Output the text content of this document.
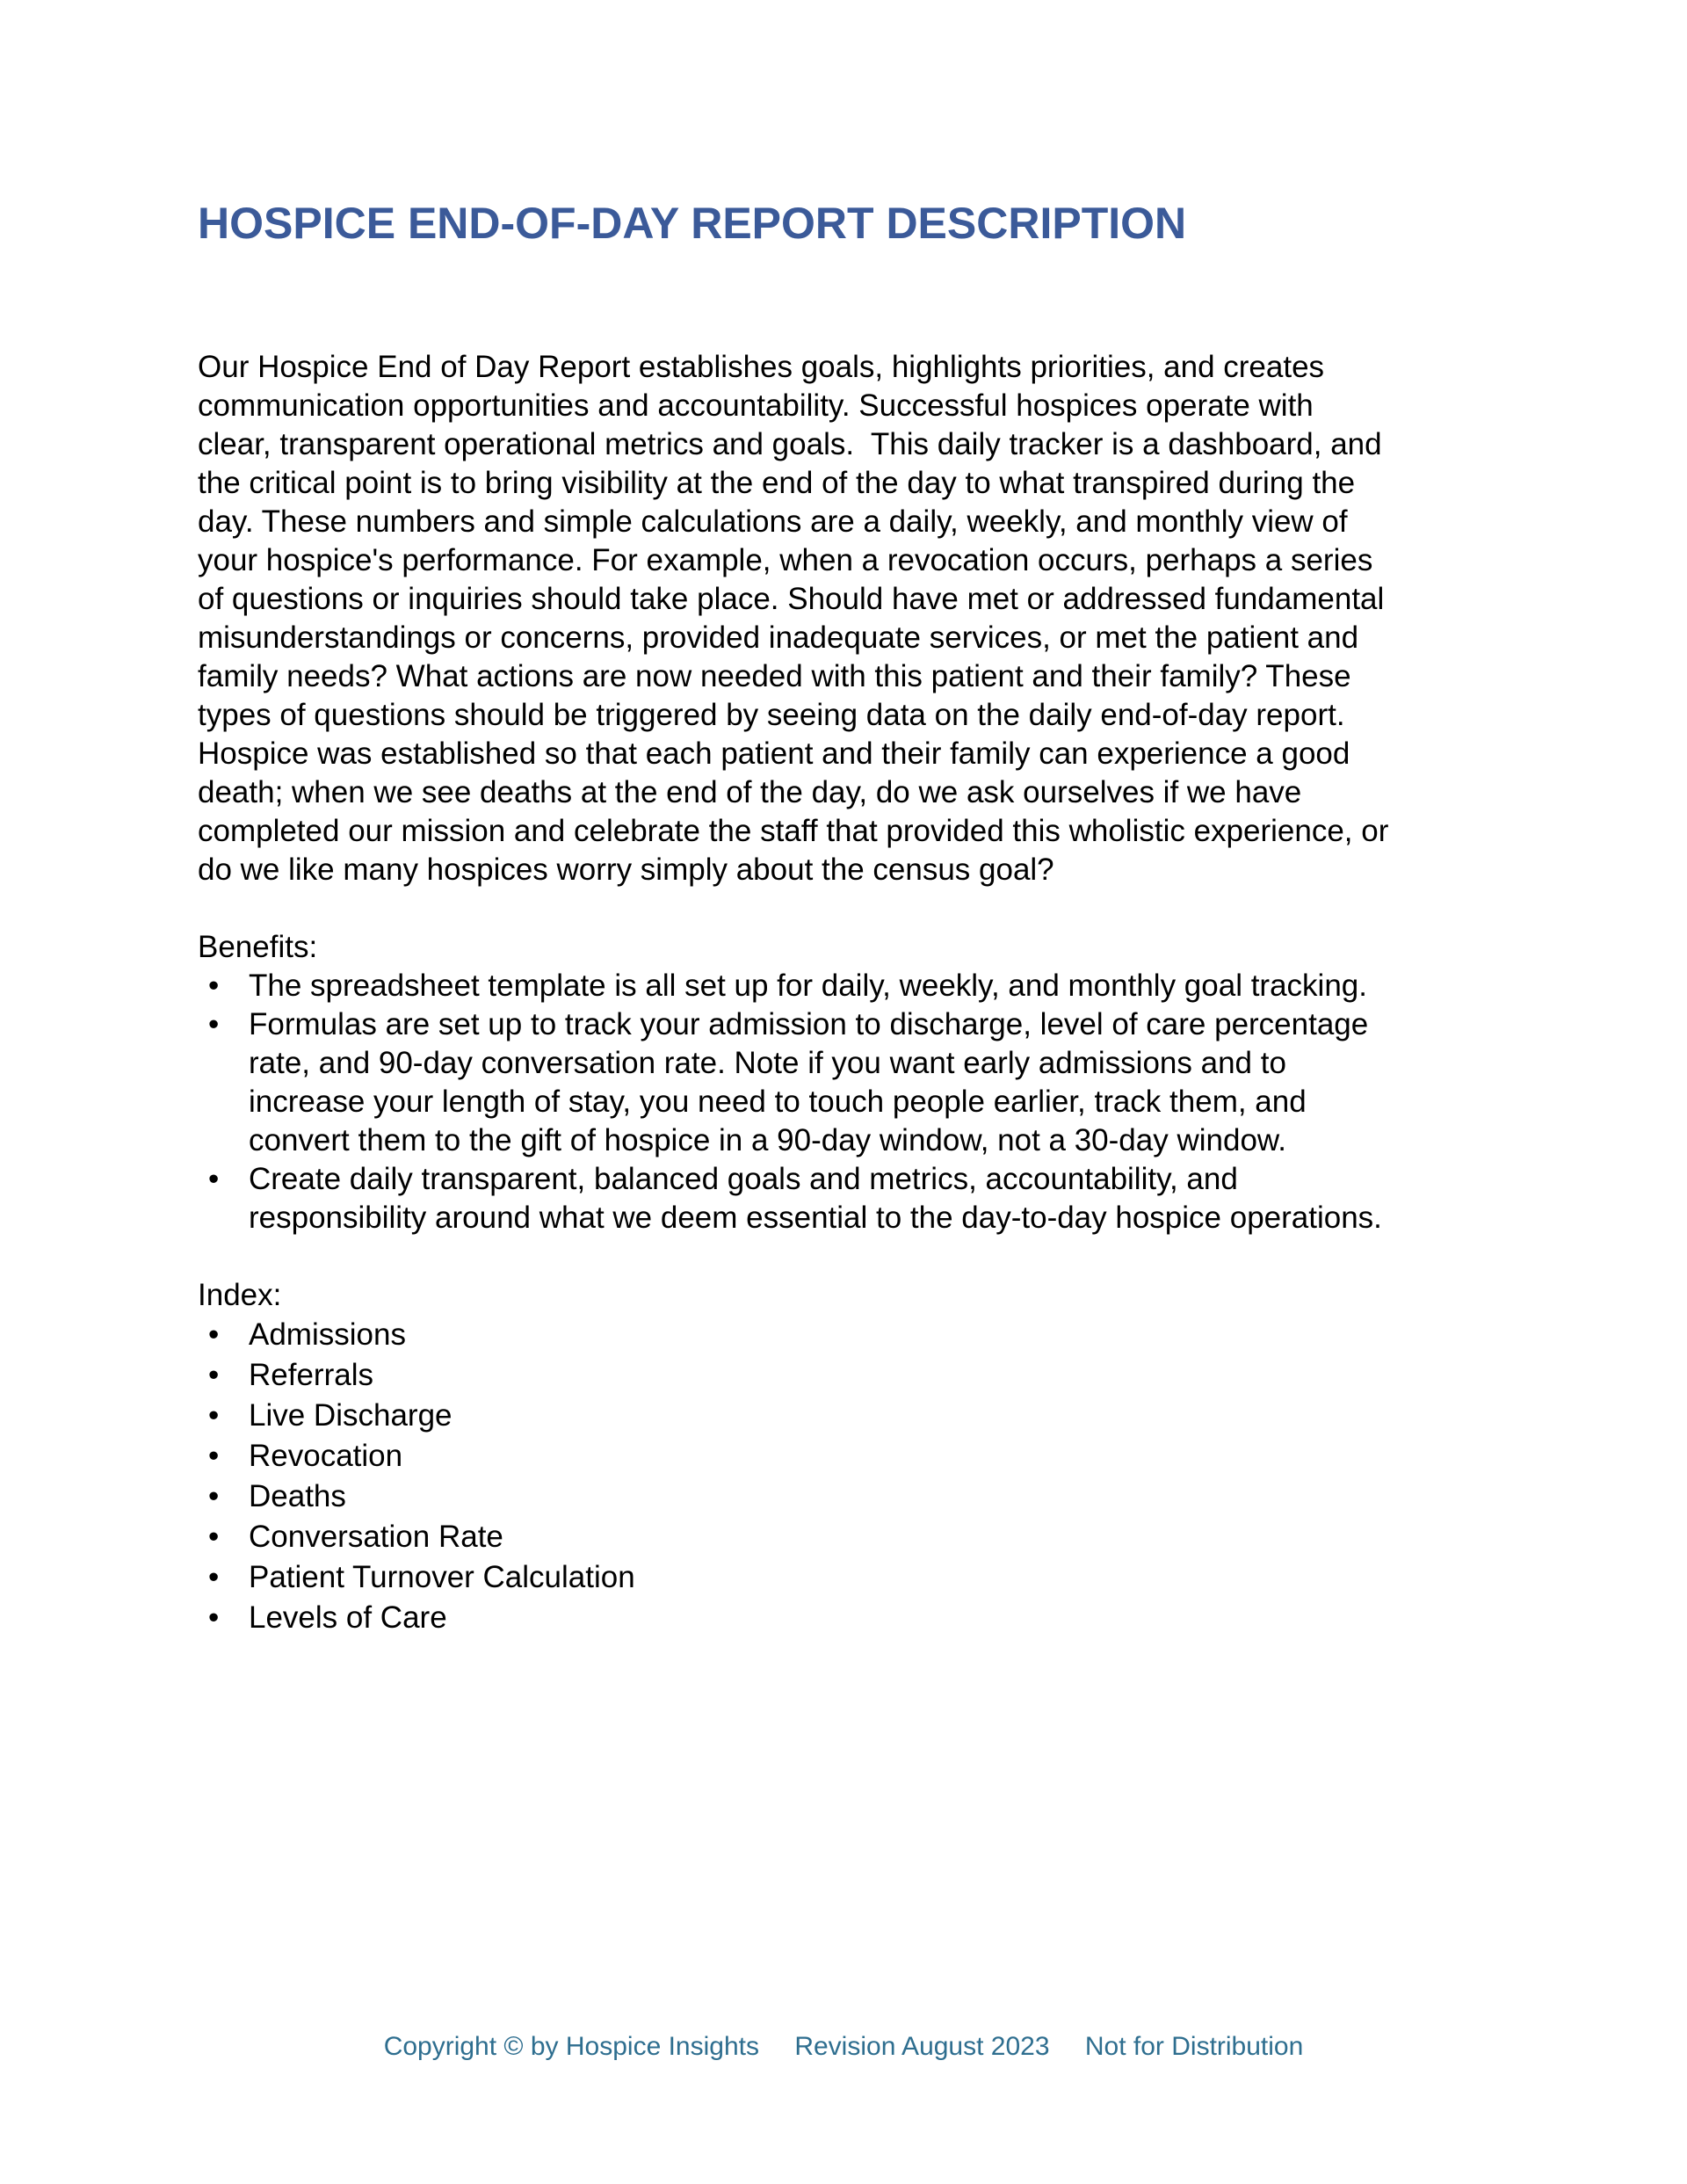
HOSPICE END-OF-DAY REPORT DESCRIPTION
Our Hospice End of Day Report establishes goals, highlights priorities, and creates
communication opportunities and accountability. Successful hospices operate with
clear, transparent operational metrics and goals.  This daily tracker is a dashboard, and
the critical point is to bring visibility at the end of the day to what transpired during the
day. These numbers and simple calculations are a daily, weekly, and monthly view of
your hospice's performance. For example, when a revocation occurs, perhaps a series
of questions or inquiries should take place. Should have met or addressed fundamental
misunderstandings or concerns, provided inadequate services, or met the patient and
family needs? What actions are now needed with this patient and their family? These
types of questions should be triggered by seeing data on the daily end-of-day report.
Hospice was established so that each patient and their family can experience a good
death; when we see deaths at the end of the day, do we ask ourselves if we have
completed our mission and celebrate the staff that provided this wholistic experience, or
do we like many hospices worry simply about the census goal?
Benefits:
• The spreadsheet template is all set up for daily, weekly, and monthly goal tracking.
• Formulas are set up to track your admission to discharge, level of care percentage
rate, and 90-day conversation rate. Note if you want early admissions and to
increase your length of stay, you need to touch people earlier, track them, and
convert them to the gift of hospice in a 90-day window, not a 30-day window.
• Create daily transparent, balanced goals and metrics, accountability, and
responsibility around what we deem essential to the day-to-day hospice operations.
Index:
• Admissions
• Referrals
• Live Discharge
• Revocation
• Deaths
• Conversation Rate
• Patient Turnover Calculation
• Levels of Care
Copyright © by Hospice Insights Revision August 2023 Not for Distribution
